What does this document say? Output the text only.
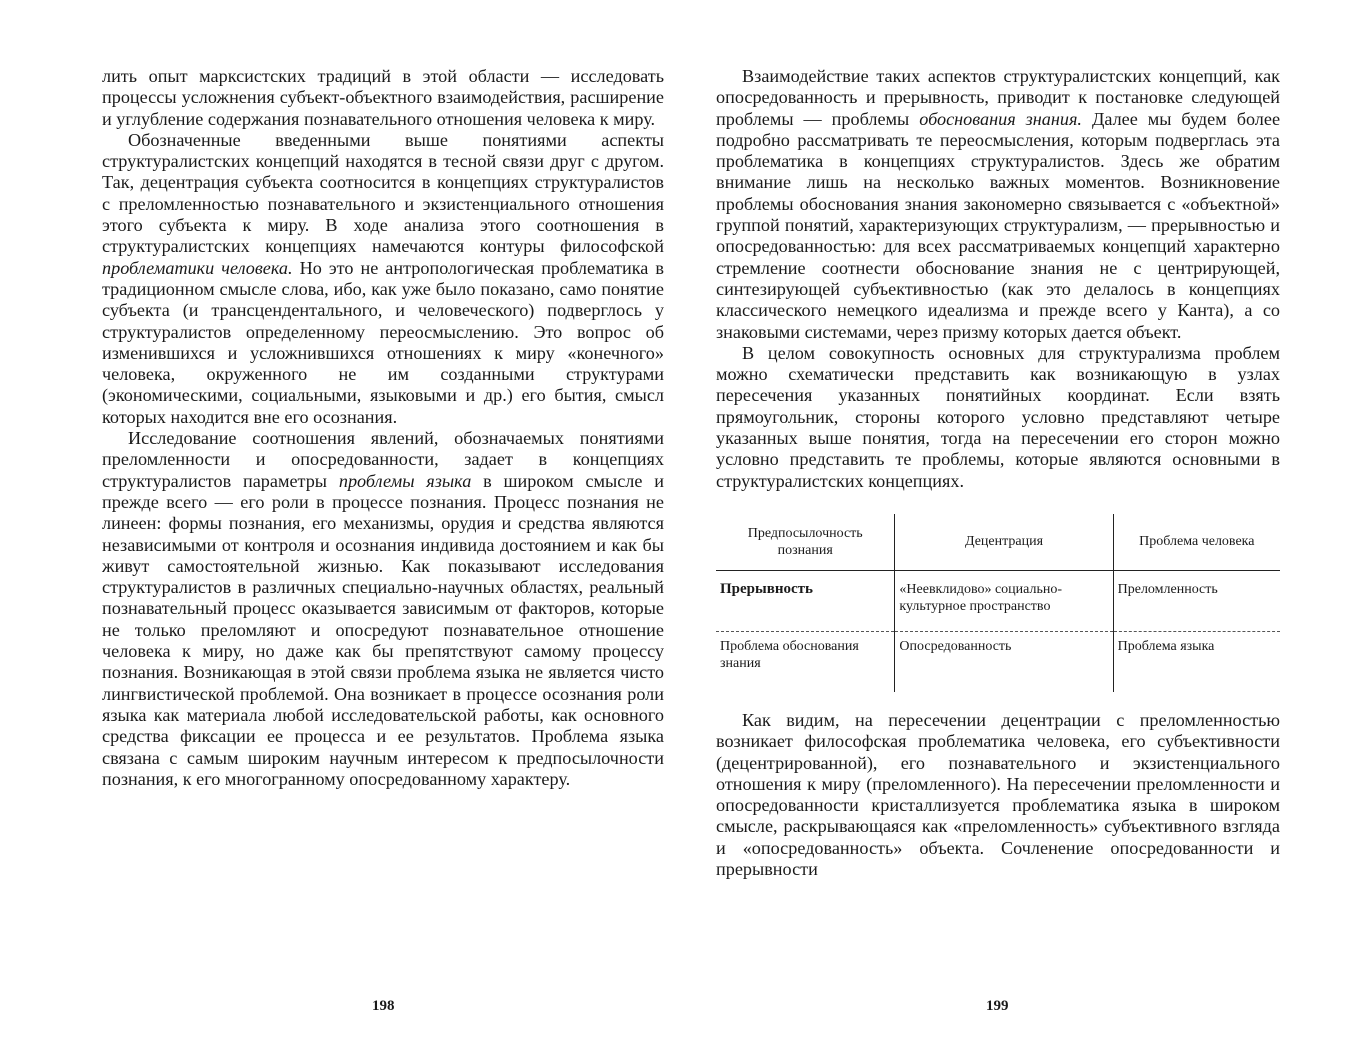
лить опыт марксистских традиций в этой области — исследовать процессы усложнения субъект-объектного взаимодействия, расширение и углубление содержания познавательного отношения человека к миру.

Обозначенные введенными выше понятиями аспекты структуралистских концепций находятся в тесной связи друг с другом. Так, децентрация субъекта соотносится в концепциях структуралистов с преломленностью познавательного и экзистенциального отношения этого субъекта к миру. В ходе анализа этого соотношения в структуралистских концепциях намечаются контуры философской проблематики человека. Но это не антропологическая проблематика в традиционном смысле слова, ибо, как уже было показано, само понятие субъекта (и трансцендентального, и человеческого) подверглось у структуралистов определенному переосмыслению. Это вопрос об изменившихся и усложнившихся отношениях к миру «конечного» человека, окруженного не им созданными структурами (экономическими, социальными, языковыми и др.) его бытия, смысл которых находится вне его осознания.

Исследование соотношения явлений, обозначаемых понятиями преломленности и опосредованности, задает в концепциях структуралистов параметры проблемы языка в широком смысле и прежде всего — его роли в процессе познания. Процесс познания не линеен: формы познания, его механизмы, орудия и средства являются независимыми от контроля и осознания индивида достоянием и как бы живут самостоятельной жизнью. Как показывают исследования структуралистов в различных специально-научных областях, реальный познавательный процесс оказывается зависимым от факторов, которые не только преломляют и опосредуют познавательное отношение человека к миру, но даже как бы препятствуют самому процессу познания. Возникающая в этой связи проблема языка не является чисто лингвистической проблемой. Она возникает в процессе осознания роли языка как материала любой исследовательской работы, как основного средства фиксации ее процесса и ее результатов. Проблема языка связана с самым широким научным интересом к предпосылочности познания, к его многогранному опосредованному характеру.

198

Взаимодействие таких аспектов структуралистских концепций, как опосредованность и прерывность, приводит к постановке следующей проблемы — проблемы обоснования знания. Далее мы будем более подробно рассматривать те переосмысления, которым подверглась эта проблематика в концепциях структуралистов. Здесь же обратим внимание лишь на несколько важных моментов. Возникновение проблемы обоснования знания закономерно связывается с «объектной» группой понятий, характеризующих структурализм, — прерывностью и опосредованностью: для всех рассматриваемых концепций характерно стремление соотнести обоснование знания не с центрирующей, синтезирующей субъективностью (как это делалось в концепциях классического немецкого идеализма и прежде всего у Канта), а со знаковыми системами, через призму которых дается объект.

В целом совокупность основных для структурализма проблем можно схематически представить как возникающую в узлах пересечения указанных понятийных координат. Если взять прямоугольник, стороны которого условно представляют четыре указанных выше понятия, тогда на пересечении его сторон можно условно представить те проблемы, которые являются основными в структуралистских концепциях.

Предпосылочность познания	Децентрация	Проблема человека
Прерывность	«Неевклидово» социально-культурное пространство	Преломленность
Проблема обоснования знания	Опосредованность	Проблема языка

Как видим, на пересечении децентрации с преломленностью возникает философская проблематика человека, его субъективности (децентрированной), его познавательного и экзистенциального отношения к миру (преломленного). На пересечении преломленности и опосредованности кристаллизуется проблематика языка в широком смысле, раскрывающаяся как «преломленность» субъективного взгляда и «опосредованность» объекта. Сочленение опосредованности и прерывности

199
